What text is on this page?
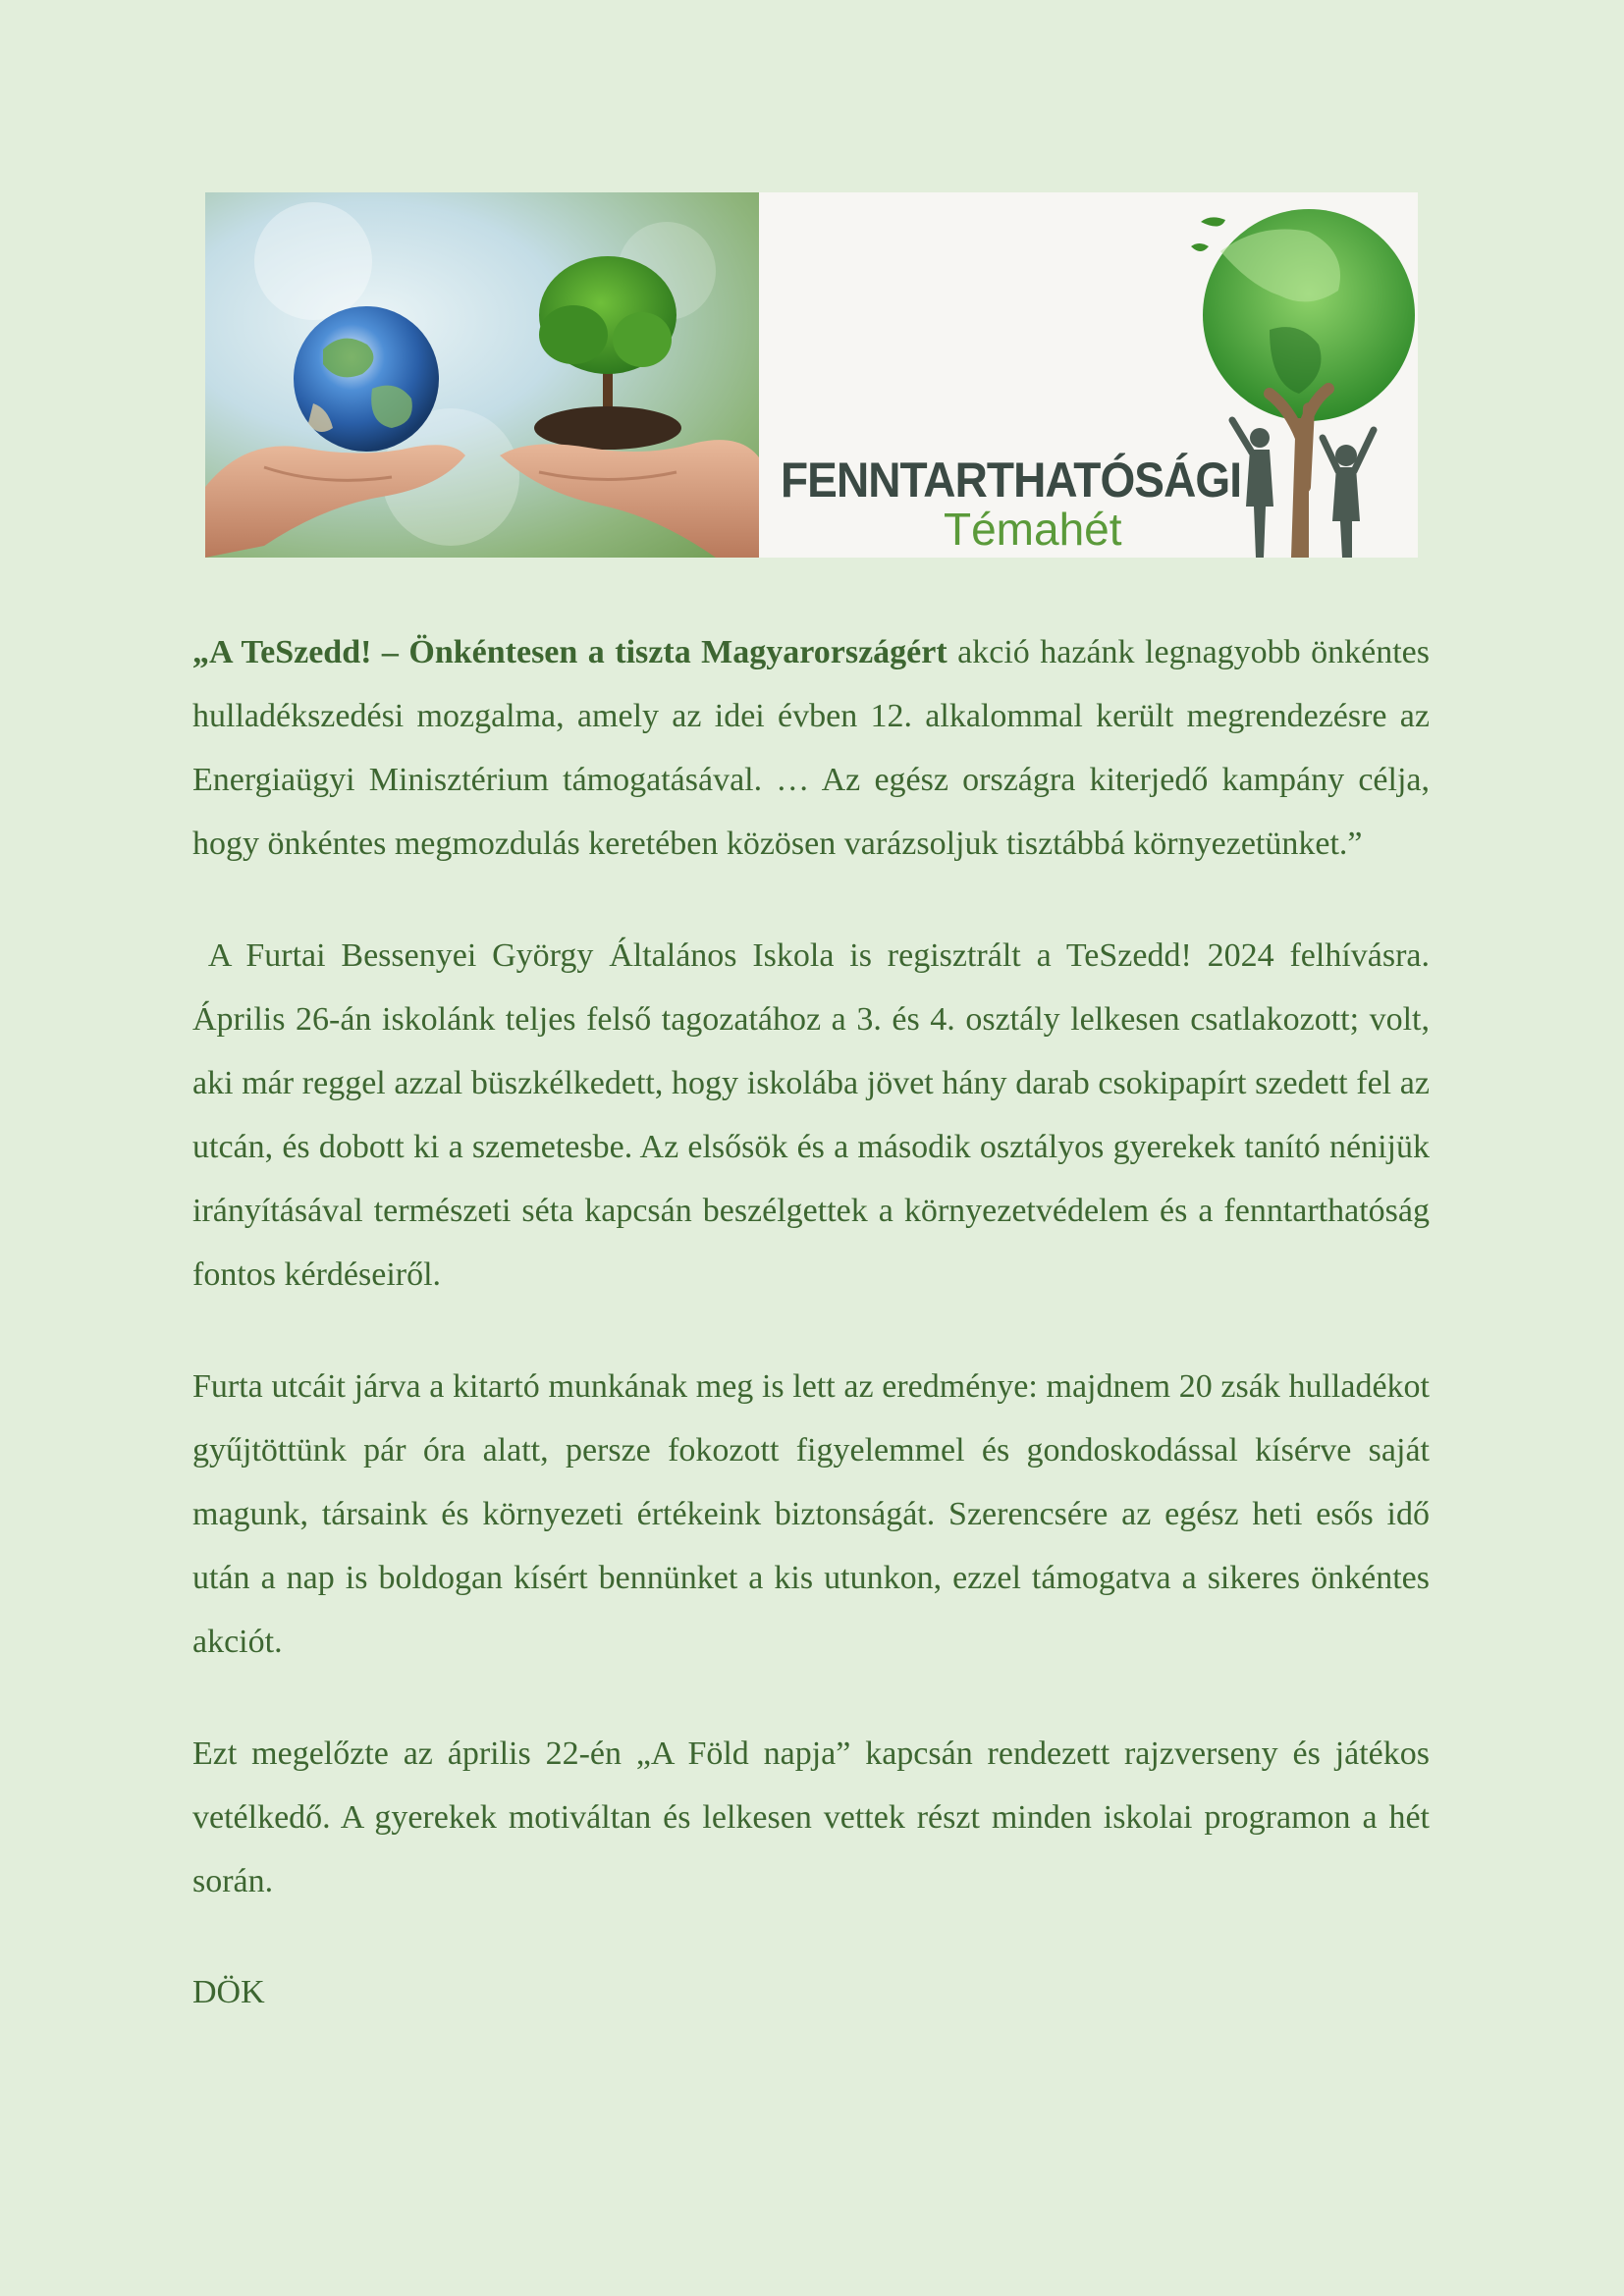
FENNTARTHATÓSÁGI
Témahét

„A TeSzedd! – Önkéntesen a tiszta Magyarországért akció hazánk legnagyobb önkéntes hulladékszedési mozgalma, amely az idei évben 12. alkalommal került megrendezésre az Energiaügyi Minisztérium támogatásával. … Az egész országra kiterjedő kampány célja, hogy önkéntes megmozdulás keretében közösen varázsoljuk tisztábbá környezetünket.”

A Furtai Bessenyei György Általános Iskola is regisztrált a TeSzedd! 2024 felhívásra. Április 26-án iskolánk teljes felső tagozatához a 3. és 4. osztály lelkesen csatlakozott; volt, aki már reggel azzal büszkélkedett, hogy iskolába jövet hány darab csokipapírt szedett fel az utcán, és dobott ki a szemetesbe. Az elsősök és a második osztályos gyerekek tanító nénijük irányításával természeti séta kapcsán beszélgettek a környezetvédelem és a fenntarthatóság fontos kérdéseiről.

Furta utcáit járva a kitartó munkának meg is lett az eredménye: majdnem 20 zsák hulladékot gyűjtöttünk pár óra alatt, persze fokozott figyelemmel és gondoskodással kísérve saját magunk, társaink és környezeti értékeink biztonságát. Szerencsére az egész heti esős idő után a nap is boldogan kísért bennünket a kis utunkon, ezzel támogatva a sikeres önkéntes akciót.

Ezt megelőzte az április 22-én „A Föld napja” kapcsán rendezett rajzverseny és játékos vetélkedő. A gyerekek motiváltan és lelkesen vettek részt minden iskolai programon a hét során.

DÖK
